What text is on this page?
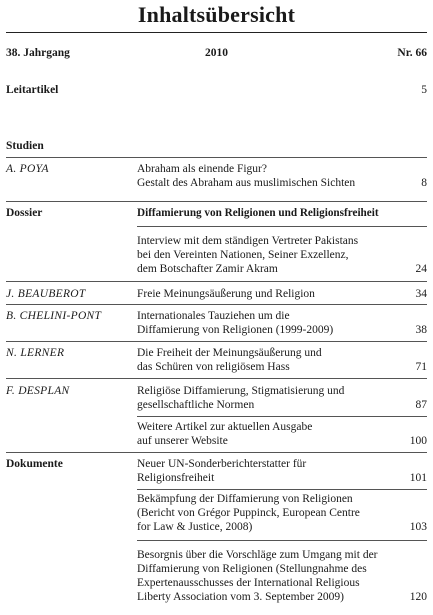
Inhaltsübersicht
38. Jahrgang	2010	Nr. 66
Leitartikel	5
Studien
A. POYA	Abraham als einende Figur?
Gestalt des Abraham aus muslimischen Sichten	8
Dossier	Diffamierung von Religionen und Religionsfreiheit
Interview mit dem ständigen Vertreter Pakistans
bei den Vereinten Nationen, Seiner Exzellenz,
dem Botschafter Zamir Akram	24
J. BEAUBEROT	Freie Meinungsäußerung und Religion	34
B. CHELINI-PONT	Internationales Tauziehen um die
Diffamierung von Religionen (1999-2009)	38
N. LERNER	Die Freiheit der Meinungsäußerung und
das Schüren von religiösem Hass	71
F. DESPLAN	Religiöse Diffamierung, Stigmatisierung und
gesellschaftliche Normen	87
Weitere Artikel zur aktuellen Ausgabe
auf unserer Website	100
Dokumente	Neuer UN-Sonderberichterstatter für
Religionsfreiheit	101
Bekämpfung der Diffamierung von Religionen
(Bericht von Grégor Puppinck, European Centre
for Law & Justice, 2008)	103
Besorgnis über die Vorschläge zum Umgang mit der
Diffamierung von Religionen (Stellungnahme des
Expertenausschusses der International Religious
Liberty Association vom 3. September 2009)	120
